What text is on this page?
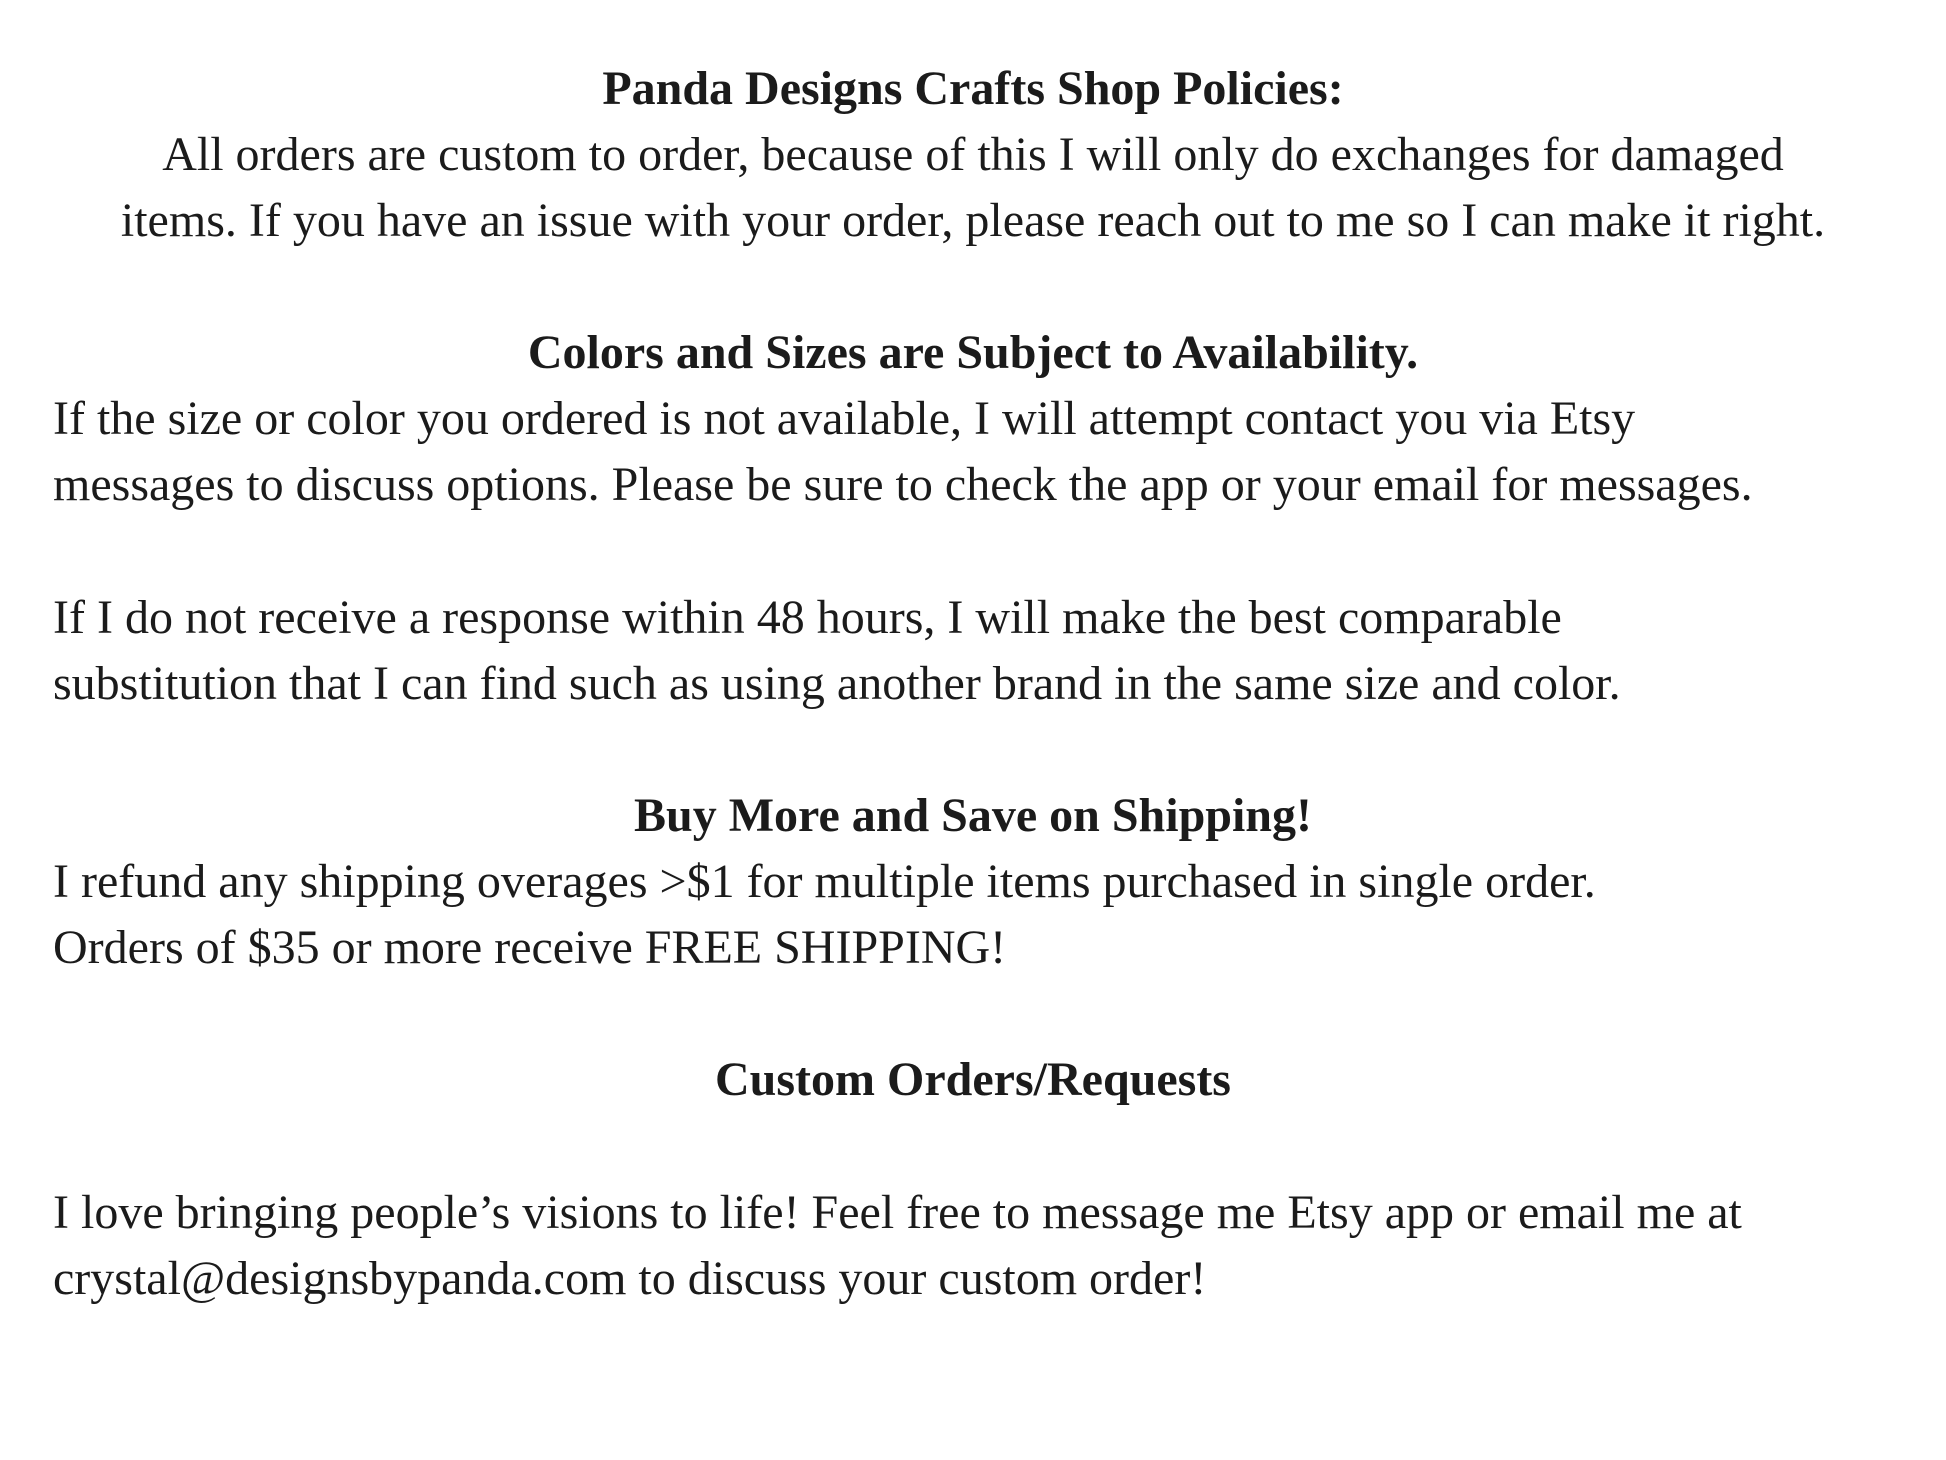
Panda Designs Crafts Shop Policies:
All orders are custom to order, because of this I will only do exchanges for damaged
items. If you have an issue with your order, please reach out to me so I can make it right.
Colors and Sizes are Subject to Availability.
If the size or color you ordered is not available, I will attempt contact you via Etsy
messages to discuss options. Please be sure to check the app or your email for messages.
If I do not receive a response within 48 hours, I will make the best comparable
substitution that I can find such as using another brand in the same size and color.
Buy More and Save on Shipping!
I refund any shipping overages >$1 for multiple items purchased in single order.
Orders of $35 or more receive FREE SHIPPING!
Custom Orders/Requests
I love bringing people’s visions to life! Feel free to message me Etsy app or email me at
crystal@designsbypanda.com to discuss your custom order!
